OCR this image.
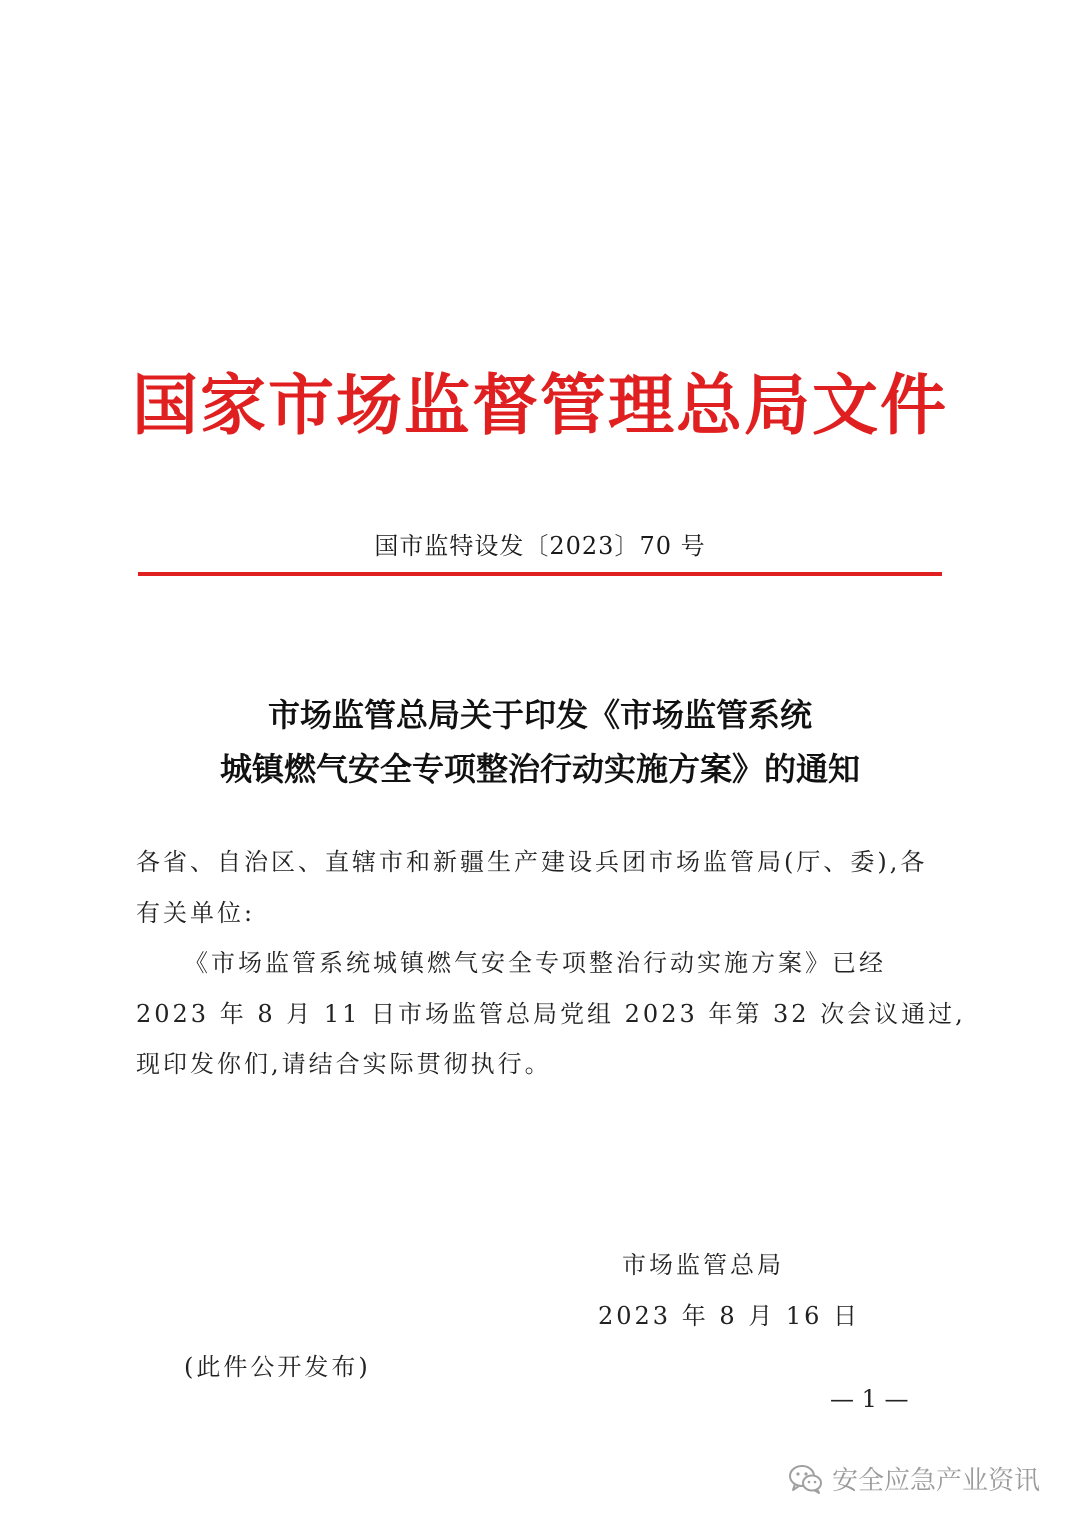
国家市场监督管理总局文件
国市监特设发〔2023〕70 号
市场监管总局关于印发《市场监管系统
城镇燃气安全专项整治行动实施方案》的通知
各省、自治区、直辖市和新疆生产建设兵团市场监管局(厅、委),各
有关单位:
《市场监管系统城镇燃气安全专项整治行动实施方案》已经
2023 年 8 月 11 日市场监管总局党组 2023 年第 32 次会议通过,
现印发你们,请结合实际贯彻执行。
市场监管总局
2023 年 8 月 16 日
(此件公开发布)
— 1 —
安全应急产业资讯
